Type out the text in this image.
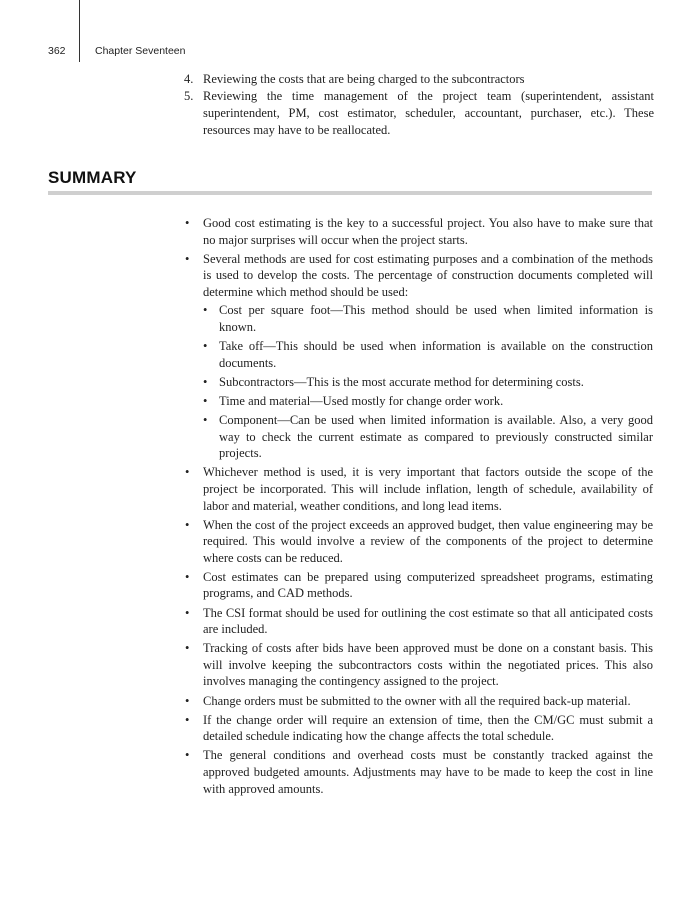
362	Chapter Seventeen
4. Reviewing the costs that are being charged to the subcontractors
5. Reviewing the time management of the project team (superintendent, assistant superintendent, PM, cost estimator, scheduler, accountant, purchaser, etc.). These resources may have to be reallocated.
SUMMARY
• Good cost estimating is the key to a successful project. You also have to make sure that no major surprises will occur when the project starts.
• Several methods are used for cost estimating purposes and a combination of the methods is used to develop the costs. The percentage of construction documents completed will determine which method should be used:
• Cost per square foot—This method should be used when limited information is known.
• Take off—This should be used when information is available on the construction documents.
• Subcontractors—This is the most accurate method for determining costs.
• Time and material—Used mostly for change order work.
• Component—Can be used when limited information is available. Also, a very good way to check the current estimate as compared to previously constructed similar projects.
• Whichever method is used, it is very important that factors outside the scope of the project be incorporated. This will include inflation, length of schedule, availability of labor and material, weather conditions, and long lead items.
• When the cost of the project exceeds an approved budget, then value engineering may be required. This would involve a review of the components of the project to determine where costs can be reduced.
• Cost estimates can be prepared using computerized spreadsheet programs, estimating programs, and CAD methods.
• The CSI format should be used for outlining the cost estimate so that all anticipated costs are included.
• Tracking of costs after bids have been approved must be done on a constant basis. This will involve keeping the subcontractors costs within the negotiated prices. This also involves managing the contingency assigned to the project.
• Change orders must be submitted to the owner with all the required back-up material.
• If the change order will require an extension of time, then the CM/GC must submit a detailed schedule indicating how the change affects the total schedule.
• The general conditions and overhead costs must be constantly tracked against the approved budgeted amounts. Adjustments may have to be made to keep the cost in line with approved amounts.
